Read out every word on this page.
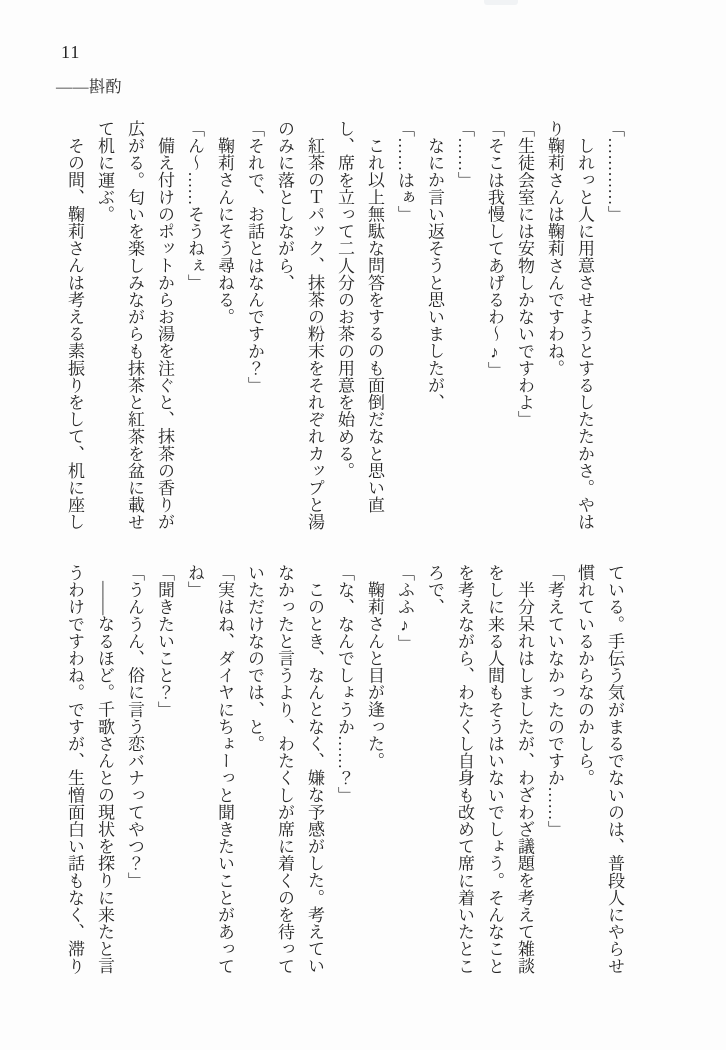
11
——斟酌

「…………」

しれっと人に用意させようとするしたたかさ。やは

り鞠莉さんは鞠莉さんですわね。

「生徒会室には安物しかないですわよ」

「そこは我慢してあげるわ〜♪」

「……」

なにか言い返そうと思いましたが、

「……はぁ」

これ以上無駄な問答をするのも面倒だなと思い直

し、席を立って二人分のお茶の用意を始める。

紅茶のＴパック、抹茶の粉末をそれぞれカップと湯

のみに落としながら、

「それで、お話とはなんですか？」

鞠莉さんにそう尋ねる。

「ん〜……そうねぇ」

備え付けのポットからお湯を注ぐと、抹茶の香りが

広がる。匂いを楽しみながらも抹茶と紅茶を盆に載せ

て机に運ぶ。

その間、鞠莉さんは考える素振りをして、机に座し

ている。手伝う気がまるでないのは、普段人にやらせ

慣れているからなのかしら。

「考えていなかったのですか……」

半分呆れはしましたが、わざわざ議題を考えて雑談

をしに来る人間もそうはいないでしょう。そんなこと

を考えながら、わたくし自身も改めて席に着いたとこ

ろで、

「ふふ♪」

鞠莉さんと目が逢った。

「な、なんでしょうか……？」

このとき、なんとなく、嫌な予感がした。考えてい

なかったと言うより、わたくしが席に着くのを待って

いただけなのでは、と。

「実はね、ダイヤにちょーっと聞きたいことがあって

ね」

「聞きたいこと？」

「うんうん、俗に言う恋バナってやつ？」

——なるほど。千歌さんとの現状を探りに来たと言

うわけですわね。ですが、生憎面白い話もなく、滞り
